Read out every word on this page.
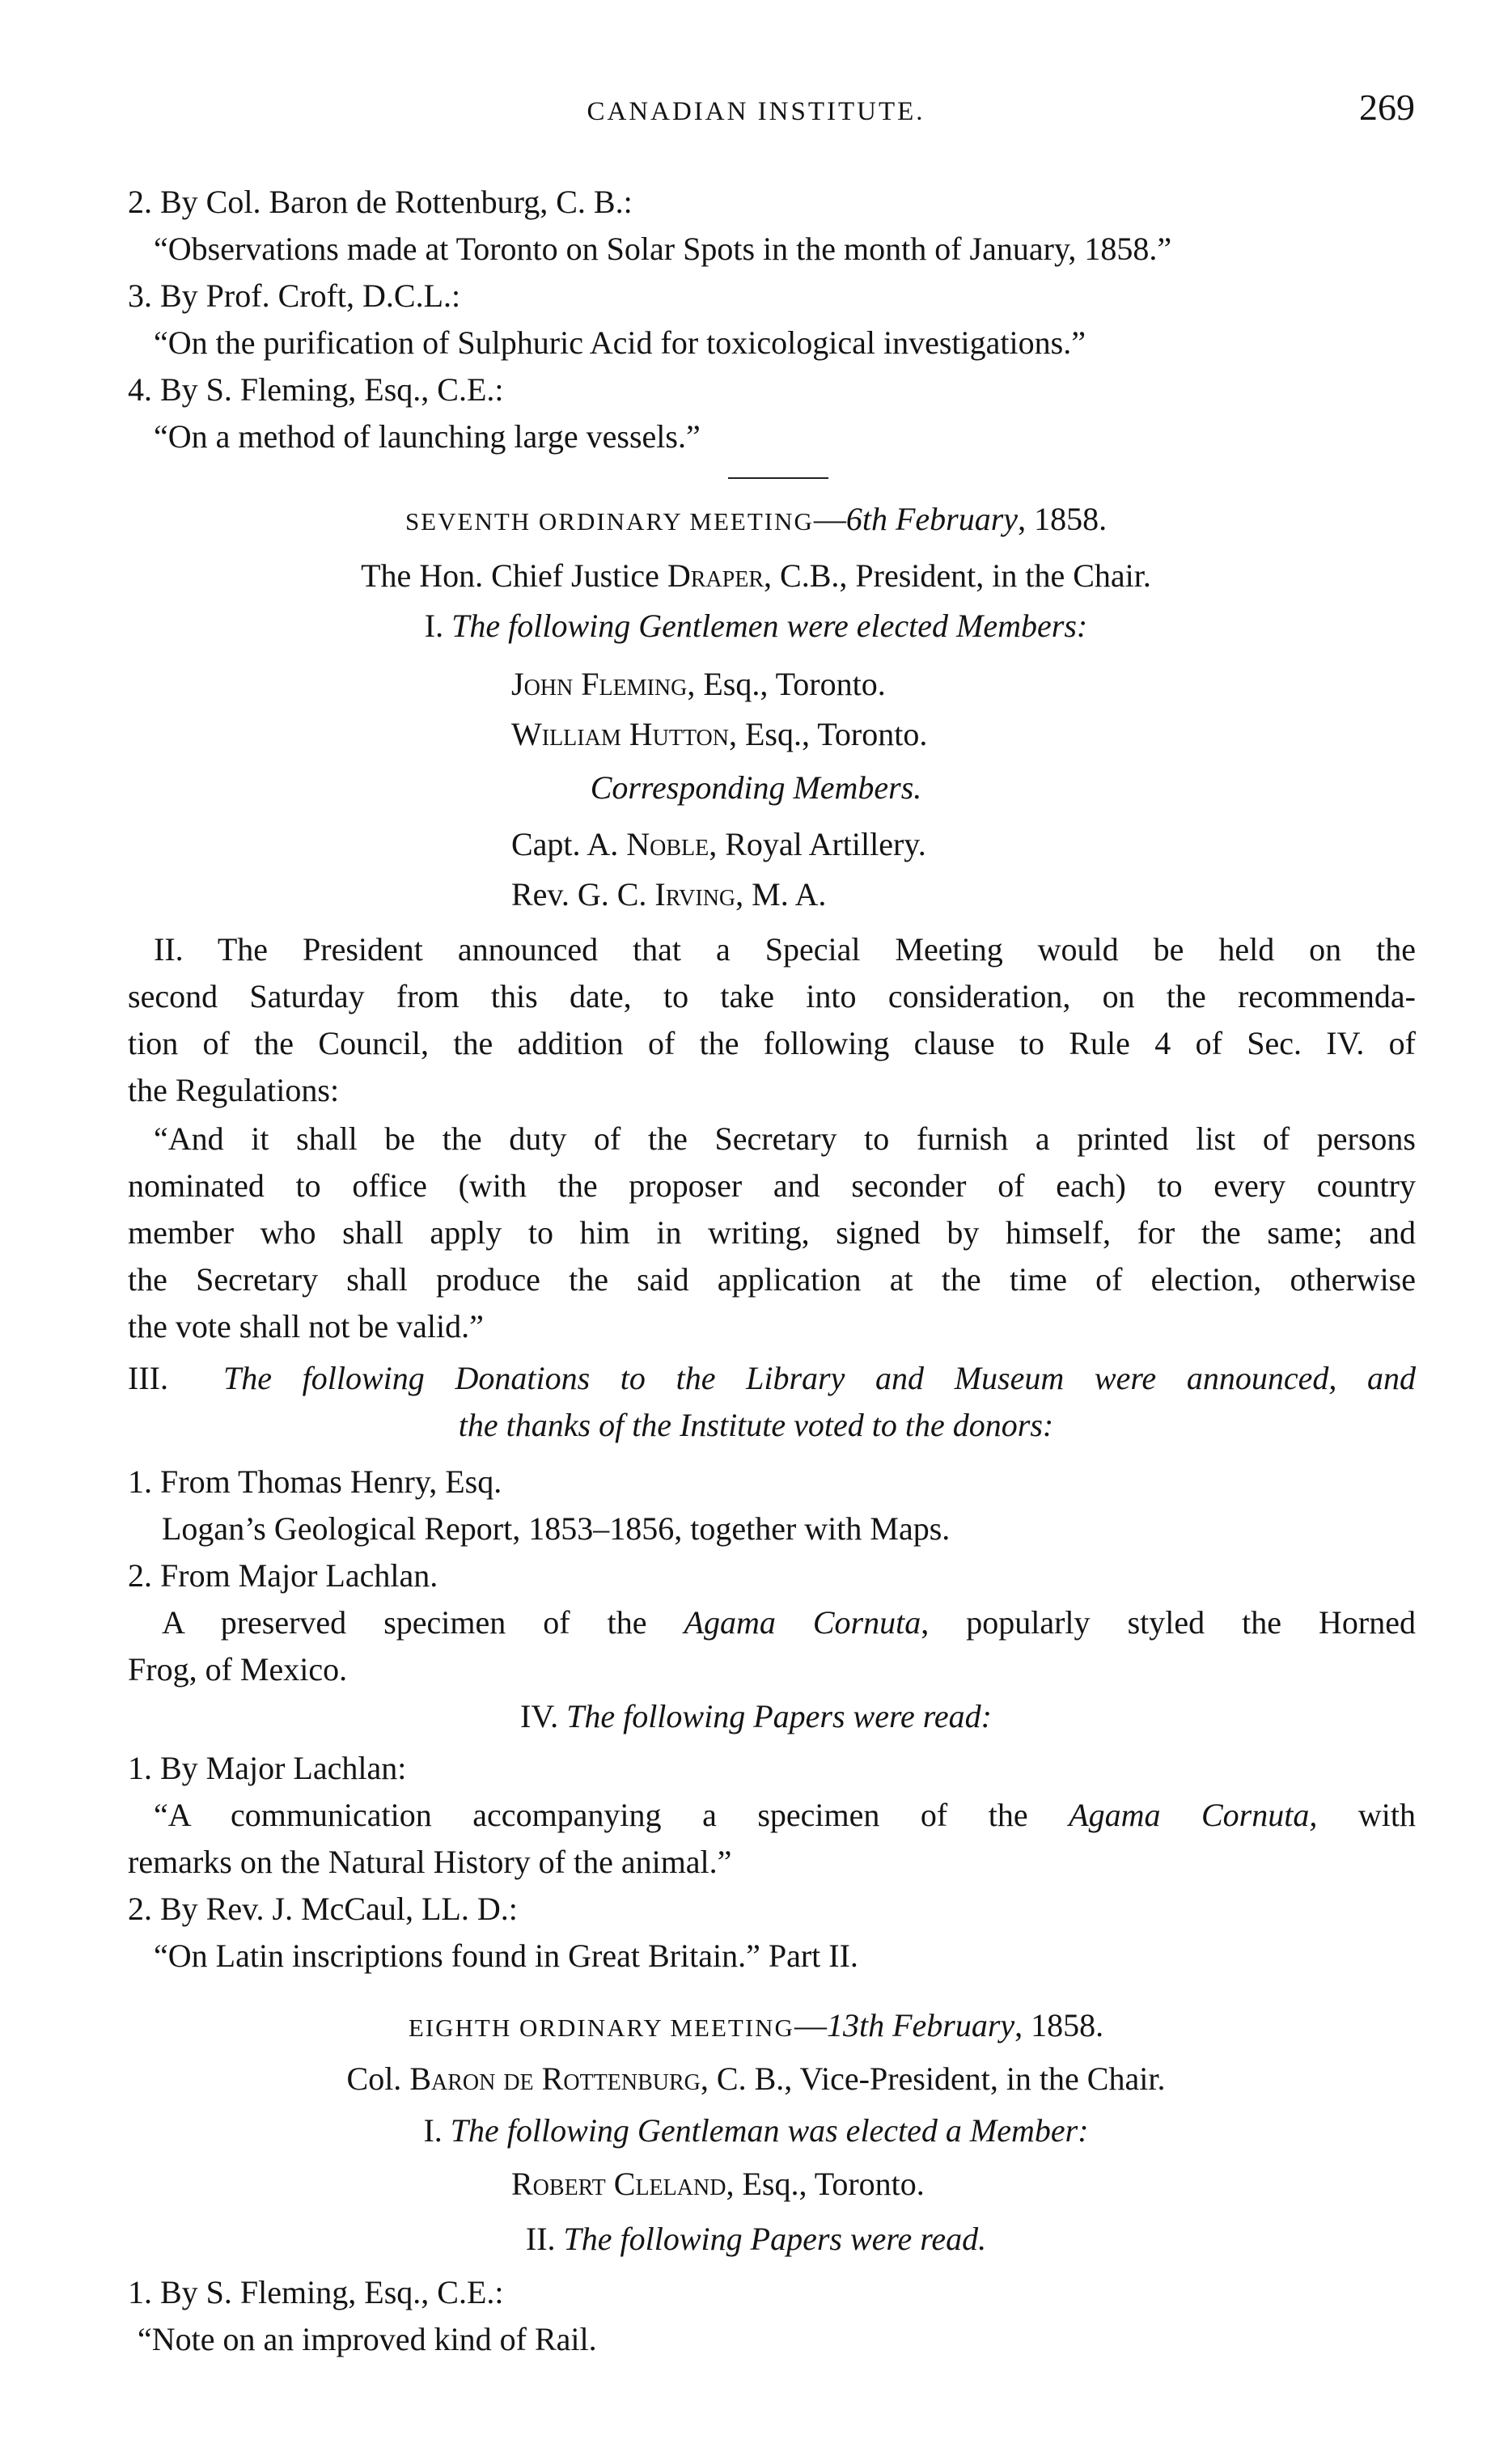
CANADIAN INSTITUTE.	269
2. By Col. Baron de Rottenburg, C. B.:
“Observations made at Toronto on Solar Spots in the month of January, 1858.”
3. By Prof. Croft, D.C.L.:
“On the purification of Sulphuric Acid for toxicological investigations.”
4. By S. Fleming, Esq., C.E.:
“On a method of launching large vessels.”
SEVENTH ORDINARY MEETING—6th February, 1858.
The Hon. Chief Justice Draper, C.B., President, in the Chair.
I. The following Gentlemen were elected Members:
John Fleming, Esq., Toronto.
William Hutton, Esq., Toronto.
Corresponding Members.
Capt. A. Noble, Royal Artillery.
Rev. G. C. Irving, M. A.
II. The President announced that a Special Meeting would be held on the
second Saturday from this date, to take into consideration, on the recommenda-
tion of the Council, the addition of the following clause to Rule 4 of Sec. IV. of
the Regulations:
“And it shall be the duty of the Secretary to furnish a printed list of persons
nominated to office (with the proposer and seconder of each) to every country
member who shall apply to him in writing, signed by himself, for the same; and
the Secretary shall produce the said application at the time of election, otherwise
the vote shall not be valid.”
III. The following Donations to the Library and Museum were announced, and
the thanks of the Institute voted to the donors:
1. From Thomas Henry, Esq.
Logan’s Geological Report, 1853–1856, together with Maps.
2. From Major Lachlan.
A preserved specimen of the Agama Cornuta, popularly styled the Horned
Frog, of Mexico.
IV. The following Papers were read:
1. By Major Lachlan:
“A communication accompanying a specimen of the Agama Cornuta, with
remarks on the Natural History of the animal.”
2. By Rev. J. McCaul, LL. D.:
“On Latin inscriptions found in Great Britain.” Part II.
EIGHTH ORDINARY MEETING—13th February, 1858.
Col. Baron de Rottenburg, C. B., Vice-President, in the Chair.
I. The following Gentleman was elected a Member:
Robert Cleland, Esq., Toronto.
II. The following Papers were read.
1. By S. Fleming, Esq., C.E.:
“Note on an improved kind of Rail.
